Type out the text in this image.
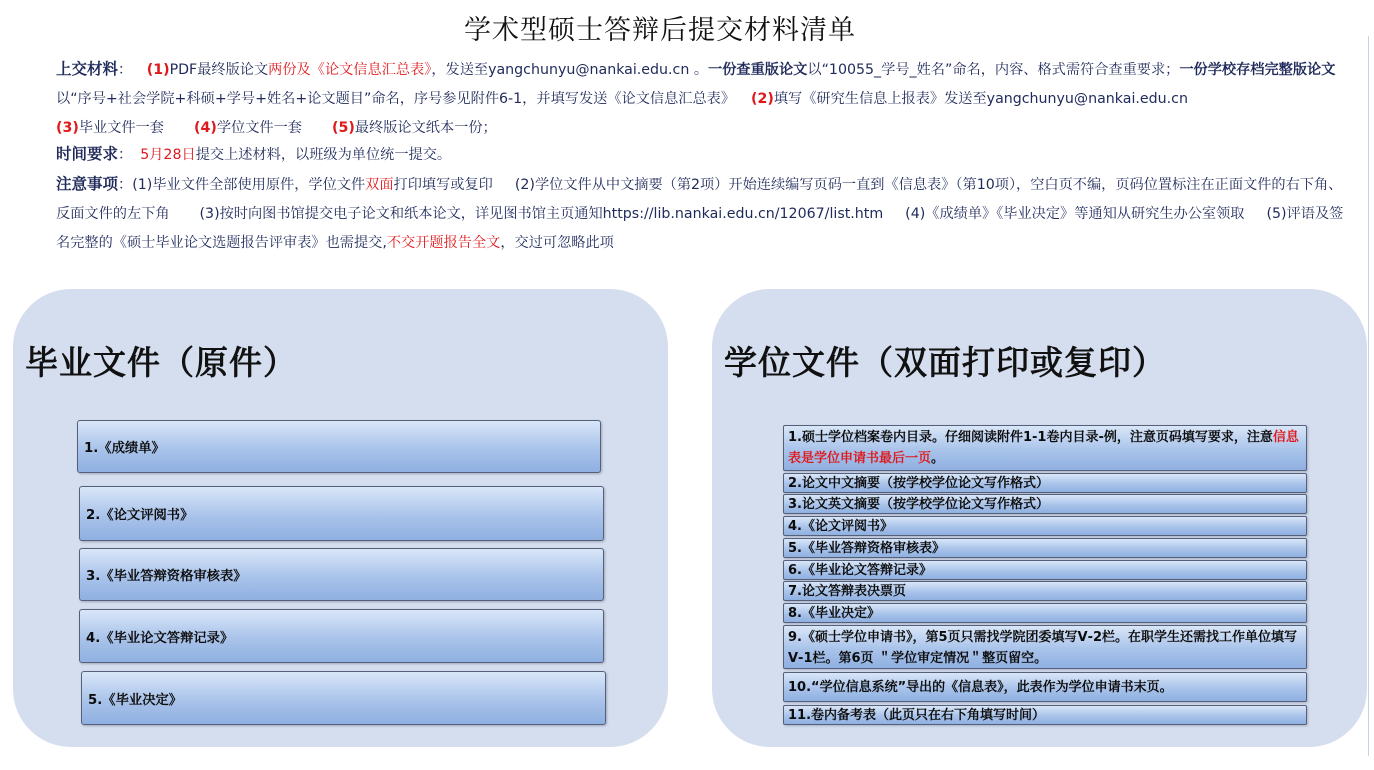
学术型硕士答辩后提交材料清单
上交材料： (1)PDF最终版论文两份及《论文信息汇总表》，发送至yangchunyu@nankai.edu.cn 。一份查重版论文以“10055_学号_姓名”命名，内容、格式需符合查重要求；一份学校存档完整版论文以“序号+社会学院+科硕+学号+姓名+论文题目”命名，序号参见附件6-1，并填写发送《论文信息汇总表》 (2)填写《研究生信息上报表》发送至yangchunyu@nankai.edu.cn
(3)毕业文件一套 (4)学位文件一套 (5)最终版论文纸本一份；
时间要求： 5月28日提交上述材料，以班级为单位统一提交。
注意事项：(1)毕业文件全部使用原件，学位文件双面打印填写或复印 (2)学位文件从中文摘要（第2项）开始连续编写页码一直到《信息表》（第10项），空白页不编，页码位置标注在正面文件的右下角、反面文件的左下角 (3)按时向图书馆提交电子论文和纸本论文，详见图书馆主页通知https://lib.nankai.edu.cn/12067/list.htm (4)《成绩单》《毕业决定》等通知从研究生办公室领取 (5)评语及签名完整的《硕士毕业论文选题报告评审表》也需提交,不交开题报告全文，交过可忽略此项
毕业文件（原件）
1.《成绩单》
2.《论文评阅书》
3.《毕业答辩资格审核表》
4.《毕业论文答辩记录》
5.《毕业决定》
学位文件（双面打印或复印）
1.硕士学位档案卷内目录。仔细阅读附件1-1卷内目录-例，注意页码填写要求，注意信息表是学位申请书最后一页。
2.论文中文摘要（按学校学位论文写作格式）
3.论文英文摘要（按学校学位论文写作格式）
4.《论文评阅书》
5.《毕业答辩资格审核表》
6.《毕业论文答辩记录》
7.论文答辩表决票页
8.《毕业决定》
9.《硕士学位申请书》，第5页只需找学院团委填写Ⅴ-2栏。在职学生还需找工作单位填写Ⅴ-1栏。第6页 ＂学位审定情况＂整页留空。
10.“学位信息系统”导出的《信息表》，此表作为学位申请书末页。
11.卷内备考表（此页只在右下角填写时间）
